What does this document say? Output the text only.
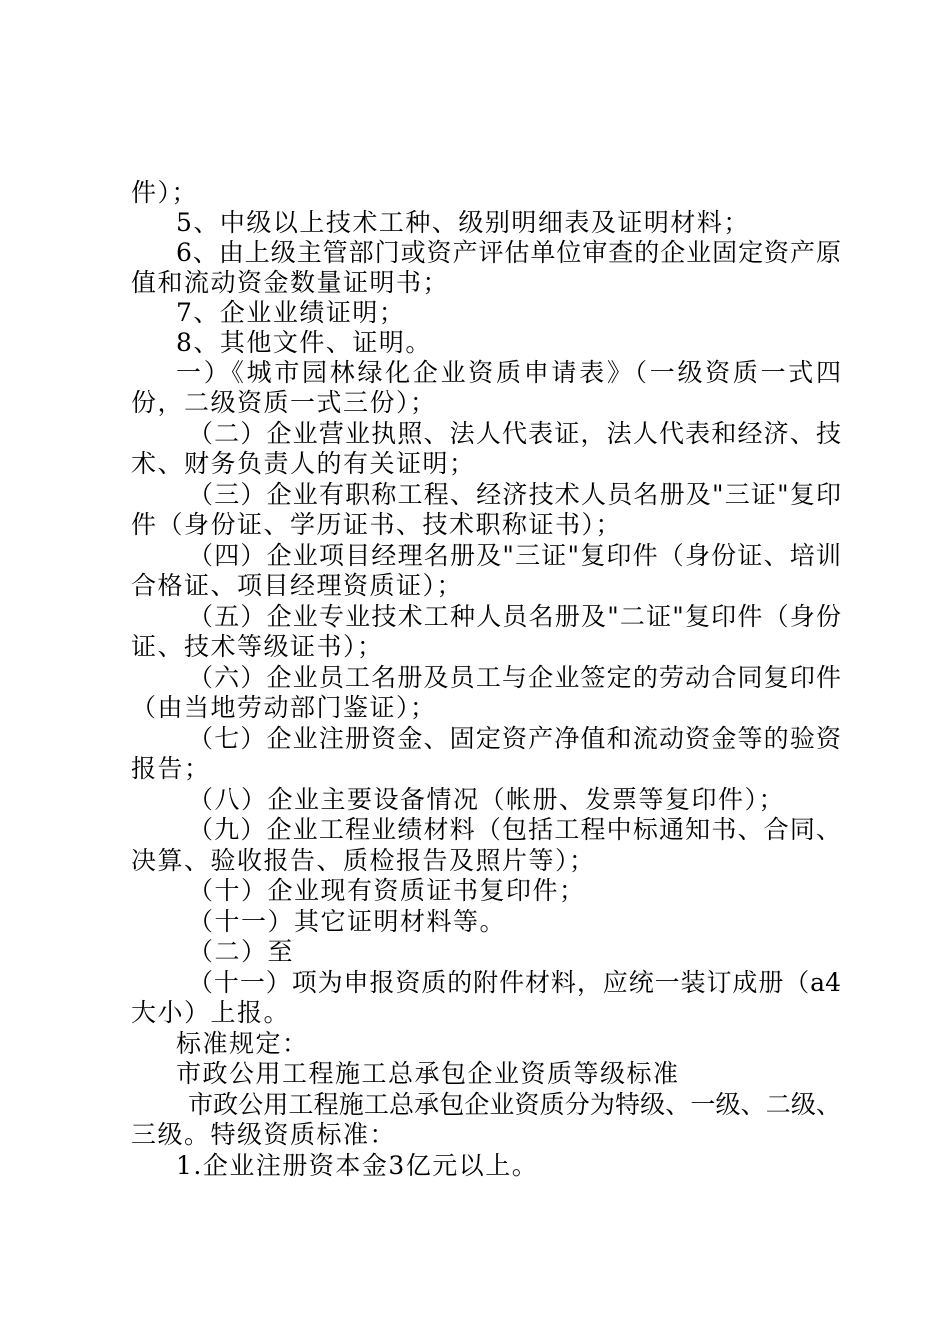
件）；
5、中级以上技术工种、级别明细表及证明材料；
6、由上级主管部门或资产评估单位审查的企业固定资产原
值和流动资金数量证明书；
7、企业业绩证明；
8、其他文件、证明。
一）《城市园林绿化企业资质申请表》（一级资质一式四
份，二级资质一式三份）；
（二）企业营业执照、法人代表证，法人代表和经济、技
术、财务负责人的有关证明；
（三）企业有职称工程、经济技术人员名册及"三证"复印
件（身份证、学历证书、技术职称证书）；
（四）企业项目经理名册及"三证"复印件（身份证、培训
合格证、项目经理资质证）；
（五）企业专业技术工种人员名册及"二证"复印件（身份
证、技术等级证书）；
（六）企业员工名册及员工与企业签定的劳动合同复印件
（由当地劳动部门鉴证）；
（七）企业注册资金、固定资产净值和流动资金等的验资
报告；
（八）企业主要设备情况（帐册、发票等复印件）；
（九）企业工程业绩材料（包括工程中标通知书、合同、
决算、验收报告、质检报告及照片等）；
（十）企业现有资质证书复印件；
（十一）其它证明材料等。
（二）至
（十一）项为申报资质的附件材料，应统一装订成册（a4
大小）上报。
标准规定：
市政公用工程施工总承包企业资质等级标准
市政公用工程施工总承包企业资质分为特级、一级、二级、
三级。特级资质标准：
1.企业注册资本金3亿元以上。
